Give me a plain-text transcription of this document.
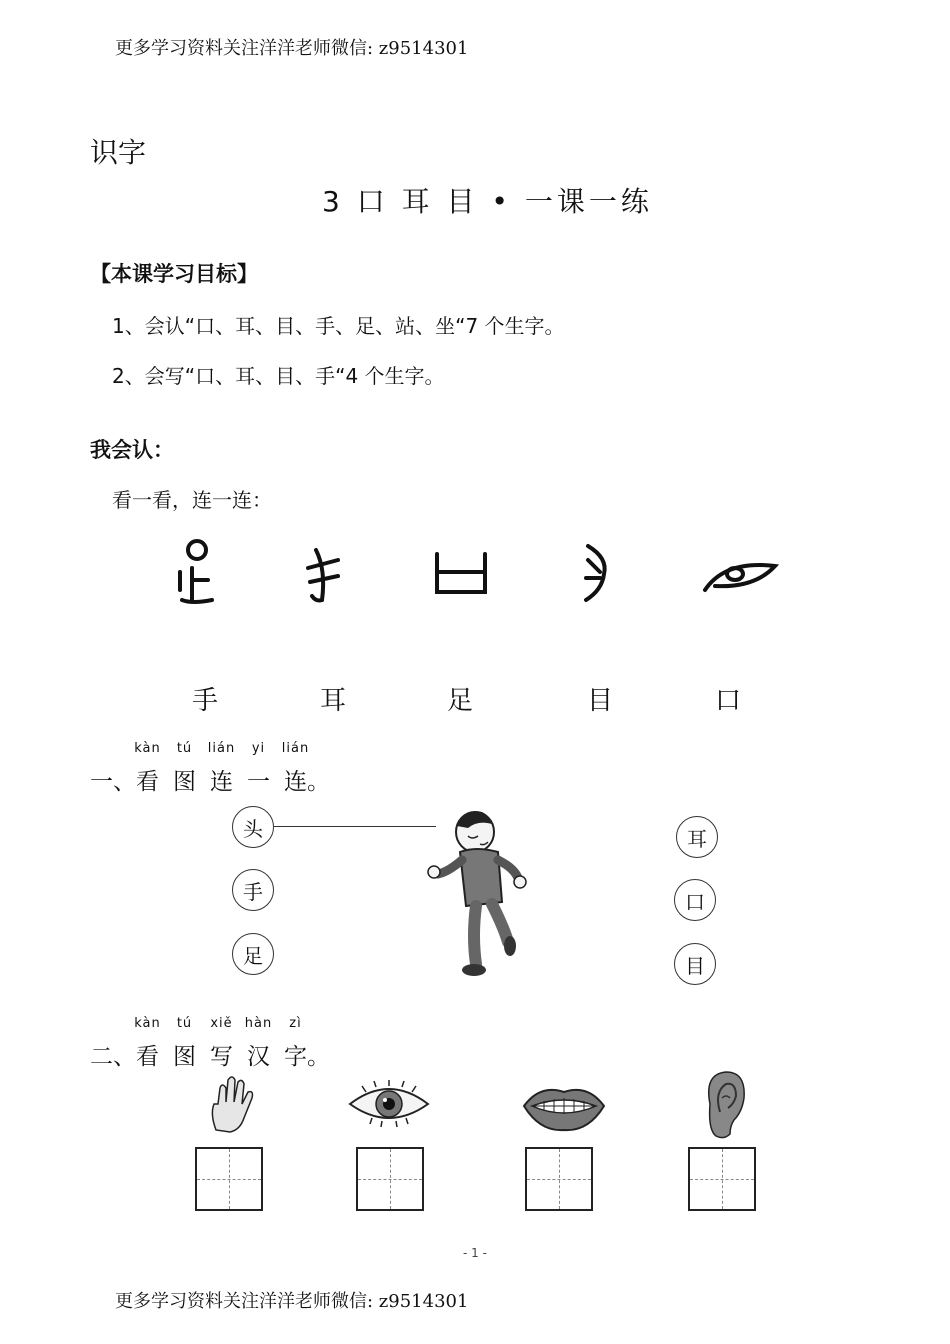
更多学习资料关注洋洋老师微信: z9514301
识字
3 口 耳 目 • 一课一练
【本课学习目标】
1、会认“口、耳、目、手、足、站、坐“7 个生字。
2、会写“口、耳、目、手“4 个生字。
我会认：
看一看，连一连：
手	耳	足	目	口
一、
kàn
看
tú
图
lián
连
yi
一
lián
连。
头
手
足
耳
口
目
二、
kàn
看
tú
图
xiě
写
hàn
汉
zì
字。
- 1 -
更多学习资料关注洋洋老师微信: z9514301
